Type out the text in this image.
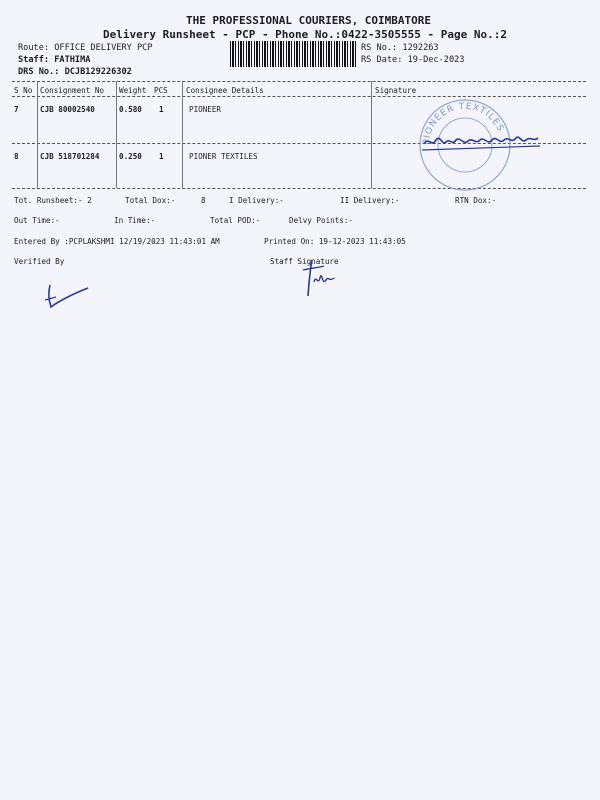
THE PROFESSIONAL COURIERS, COIMBATORE
Delivery Runsheet - PCP - Phone No.:0422-3505555 - Page No.:2
Route: OFFICE DELIVERY PCP
Staff: FATHIMA
DRS No.: DCJB129226302
RS No.: 1292263
RS Date: 19-Dec-2023
S No Consignment No Weight PCS Consignee Details	Signature
7	CJB 80002540	0.580 1	PIONEER
8	CJB 518701284	0.250 1	PIONER TEXTILES
PIONEER TEXTILES
Tot. Runsheet:- 2	Total Dox:-	8	I Delivery:-	II Delivery:-	RTN Dox:-
Out Time:-	In Time:-	Total POD:-	Delvy Points:-
Entered By :PCPLAKSHMI 12/19/2023 11:43:01 AM	Printed On: 19-12-2023 11:43:05
Verified By	Staff Signature
